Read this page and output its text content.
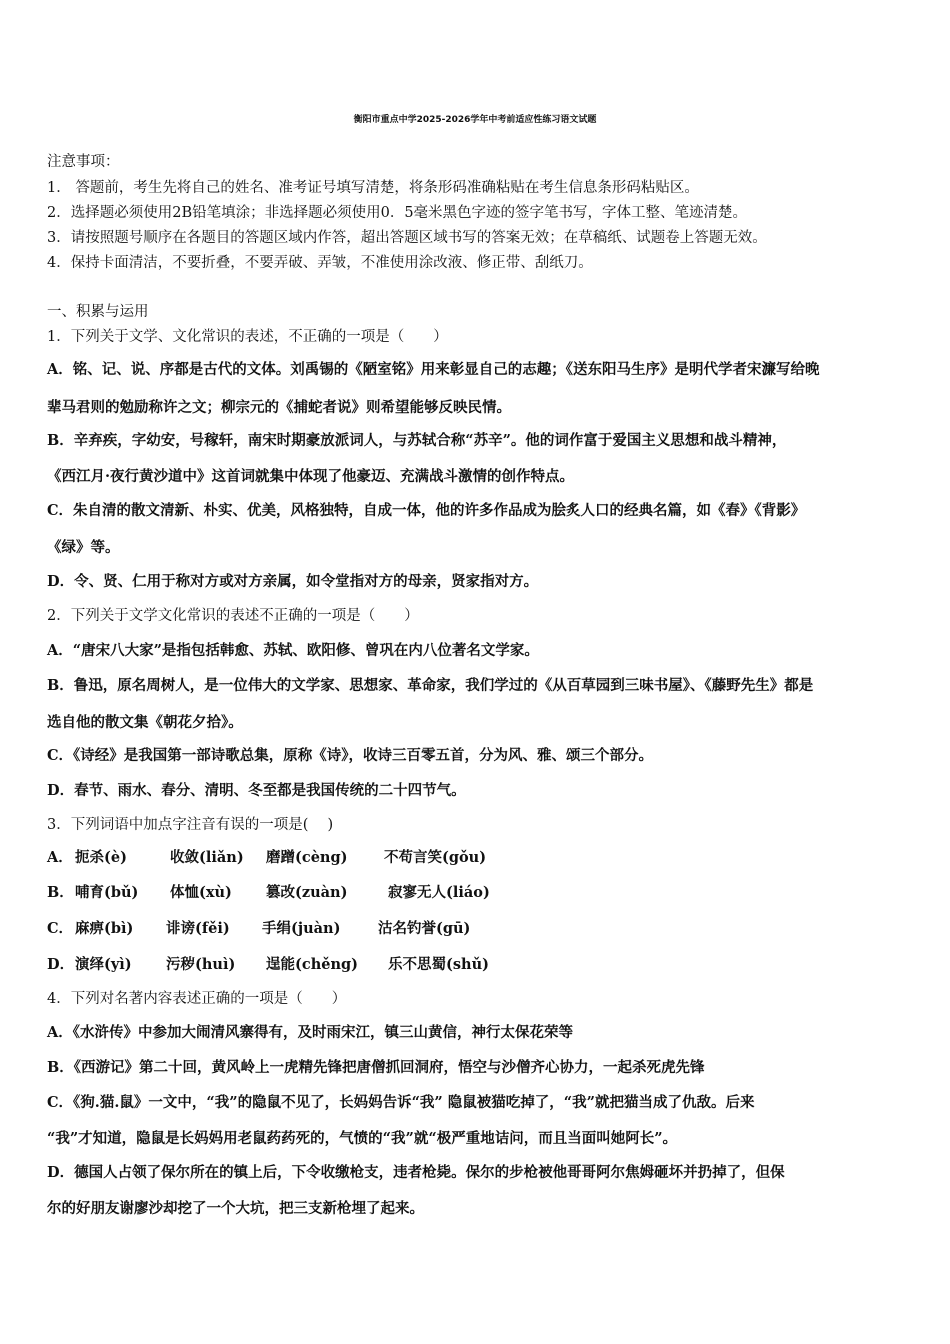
衡阳市重点中学2025-2026学年中考前适应性练习语文试题
注意事项：
1． 答题前，考生先将自己的姓名、准考证号填写清楚，将条形码准确粘贴在考生信息条形码粘贴区。
2．选择题必须使用2B铅笔填涂；非选择题必须使用0．5毫米黑色字迹的签字笔书写，字体工整、笔迹清楚。
3．请按照题号顺序在各题目的答题区域内作答，超出答题区域书写的答案无效；在草稿纸、试题卷上答题无效。
4．保持卡面清洁，不要折叠，不要弄破、弄皱，不准使用涂改液、修正带、刮纸刀。
一、积累与运用
1．下列关于文学、文化常识的表述，不正确的一项是（　　）
A．铭、记、说、序都是古代的文体。刘禹锡的《陋室铭》用来彰显自己的志趣；《送东阳马生序》是明代学者宋濂写给晚
辈马君则的勉励称许之文；柳宗元的《捕蛇者说》则希望能够反映民情。
B．辛弃疾，字幼安，号稼轩，南宋时期豪放派词人，与苏轼合称“苏辛”。他的词作富于爱国主义思想和战斗精神，
《西江月·夜行黄沙道中》这首词就集中体现了他豪迈、充满战斗激情的创作特点。
C．朱自清的散文清新、朴实、优美，风格独特，自成一体，他的许多作品成为脍炙人口的经典名篇，如《春》《背影》
《绿》等。
D．令、贤、仁用于称对方或对方亲属，如令堂指对方的母亲，贤家指对方。
2．下列关于文学文化常识的表述不正确的一项是（　　）
A．“唐宋八大家”是指包括韩愈、苏轼、欧阳修、曾巩在内八位著名文学家。
B．鲁迅，原名周树人，是一位伟大的文学家、思想家、革命家，我们学过的《从百草园到三味书屋》、《藤野先生》都是
选自他的散文集《朝花夕拾》。
C．《诗经》是我国第一部诗歌总集，原称《诗》，收诗三百零五首，分为风、雅、颂三个部分。
D．春节、雨水、春分、清明、冬至都是我国传统的二十四节气。
3．下列词语中加点字注音有误的一项是(　 )
A． 扼杀(è)	收敛(liǎn) 磨蹭(cèng)	不苟言笑(gǒu)
B． 哺育(bǔ) 体恤(xù) 篡改(zuàn)	寂寥无人(liáo)
C． 麻痹(bì) 诽谤(fěi) 手绢(juàn)	沽名钓誉(gū)
D． 演绎(yì) 污秽(huì) 逞能(chěng) 乐不思蜀(shǔ)
4．下列对名著内容表述正确的一项是（　　）
A．《水浒传》中参加大闹清风寨得有，及时雨宋江，镇三山黄信，神行太保花荣等
B．《西游记》第二十回，黄风岭上一虎精先锋把唐僧抓回洞府，悟空与沙僧齐心协力，一起杀死虎先锋
C．《狗.猫.鼠》一文中，“我”的隐鼠不见了，长妈妈告诉“我” 隐鼠被猫吃掉了，“我”就把猫当成了仇敌。后来
“我”才知道，隐鼠是长妈妈用老鼠药药死的，气愤的“我”就“极严重地诘问，而且当面叫她阿长”。
D．德国人占领了保尔所在的镇上后，下令收缴枪支，违者枪毙。保尔的步枪被他哥哥阿尔焦姆砸坏并扔掉了，但保
尔的好朋友谢廖沙却挖了一个大坑，把三支新枪埋了起来。
